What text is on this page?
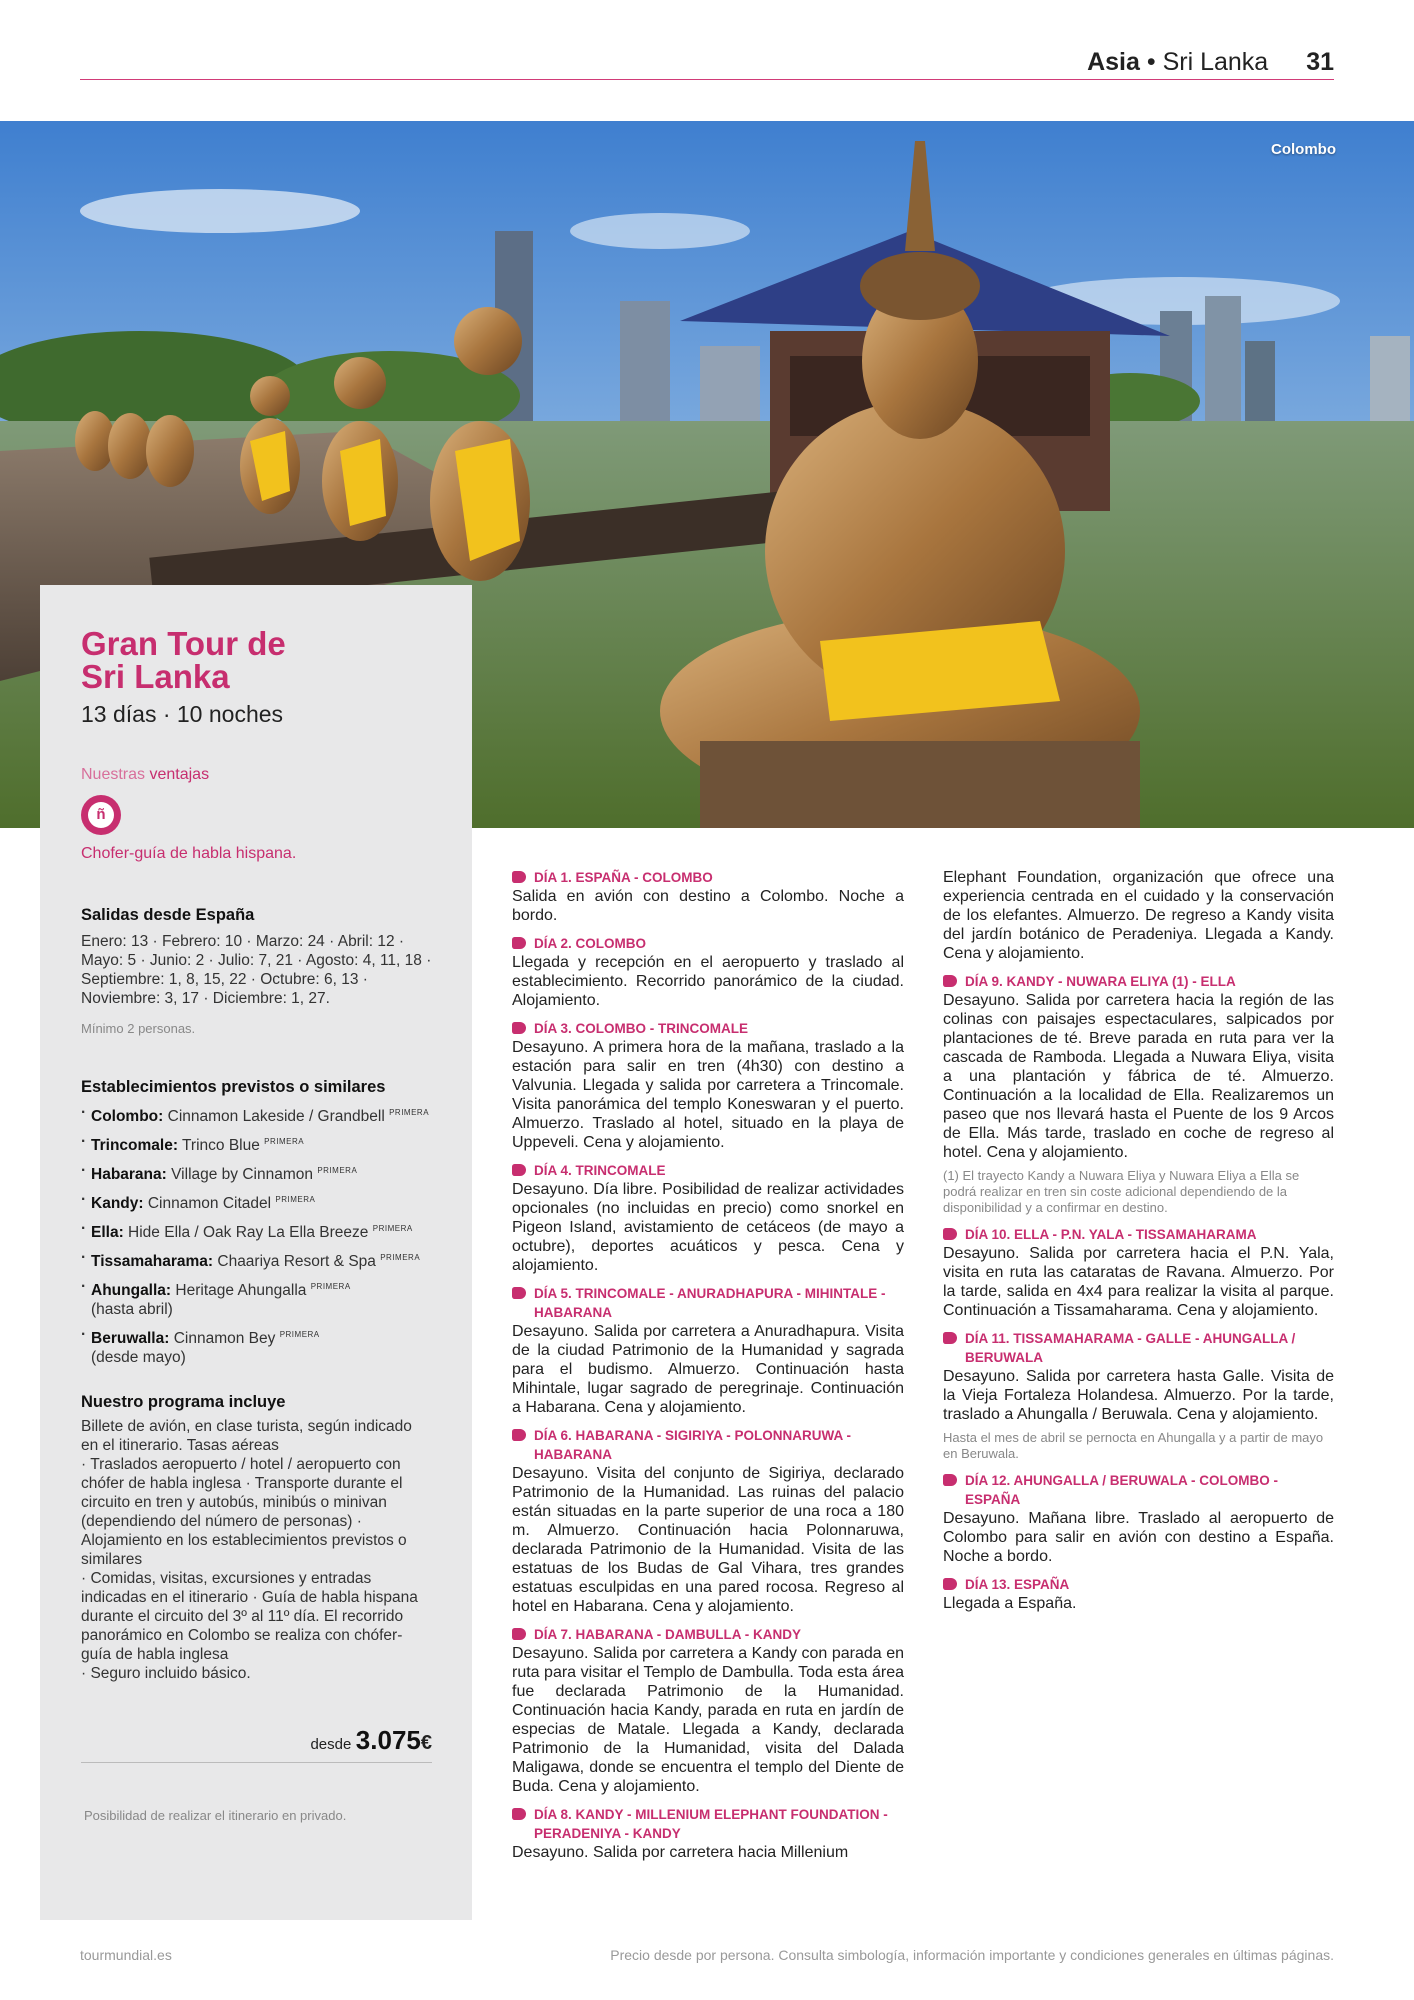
Asia • Sri Lanka 31
Colombo
Gran Tour de Sri Lanka
13 días · 10 noches
Nuestras ventajas
ñ
Chofer-guía de habla hispana.
Salidas desde España
Enero: 13 · Febrero: 10 · Marzo: 24 · Abril: 12 · Mayo: 5 · Junio: 2 · Julio: 7, 21 · Agosto: 4, 11, 18 · Septiembre: 1, 8, 15, 22 · Octubre: 6, 13 · Noviembre: 3, 17 · Diciembre: 1, 27.
Mínimo 2 personas.
Establecimientos previstos o similares
· Colombo: Cinnamon Lakeside / Grandbell $^{PRIMERA}$
· Trincomale: Trinco Blue $^{PRIMERA}$
· Habarana: Village by Cinnamon $^{PRIMERA}$
· Kandy: Cinnamon Citadel $^{PRIMERA}$
· Ella: Hide Ella / Oak Ray La Ella Breeze $^{PRIMERA}$
· Tissamaharama: Chaariya Resort & Spa $^{PRIMERA}$
· Ahungalla: Heritage Ahungalla $^{PRIMERA}$
(hasta abril)
· Beruwalla: Cinnamon Bey $^{PRIMERA}$
(desde mayo)
Nuestro programa incluye
Billete de avión, en clase turista, según indicado en el itinerario. Tasas aéreas
· Traslados aeropuerto / hotel / aeropuerto con chófer de habla inglesa · Transporte durante el circuito en tren y autobús, minibús o minivan (dependiendo del número de personas) · Alojamiento en los establecimientos previstos o similares
· Comidas, visitas, excursiones y entradas indicadas en el itinerario · Guía de habla hispana durante el circuito del 3º al 11º día. El recorrido panorámico en Colombo se realiza con chófer-guía de habla inglesa
· Seguro incluido básico.
desde 3.075€
Posibilidad de realizar el itinerario en privado.
DÍA 1. ESPAÑA - COLOMBO
Salida en avión con destino a Colombo. Noche a bordo.
DÍA 2. COLOMBO
Llegada y recepción en el aeropuerto y traslado al establecimiento. Recorrido panorámico de la ciudad. Alojamiento.
DÍA 3. COLOMBO - TRINCOMALE
Desayuno. A primera hora de la mañana, traslado a la estación para salir en tren (4h30) con destino a Valvunia. Llegada y salida por carretera a Trincomale. Visita panorámica del templo Koneswaran y el puerto. Almuerzo. Traslado al hotel, situado en la playa de Uppeveli. Cena y alojamiento.
DÍA 4. TRINCOMALE
Desayuno. Día libre. Posibilidad de realizar actividades opcionales (no incluidas en precio) como snorkel en Pigeon Island, avistamiento de cetáceos (de mayo a octubre), deportes acuáticos y pesca. Cena y alojamiento.
DÍA 5. TRINCOMALE - ANURADHAPURA - MIHINTALE - HABARANA
Desayuno. Salida por carretera a Anuradhapura. Visita de la ciudad Patrimonio de la Humanidad y sagrada para el budismo. Almuerzo. Continuación hasta Mihintale, lugar sagrado de peregrinaje. Continuación a Habarana. Cena y alojamiento.
DÍA 6. HABARANA - SIGIRIYA - POLONNARUWA - HABARANA
Desayuno. Visita del conjunto de Sigiriya, declarado Patrimonio de la Humanidad. Las ruinas del palacio están situadas en la parte superior de una roca a 180 m. Almuerzo. Continuación hacia Polonnaruwa, declarada Patrimonio de la Humanidad. Visita de las estatuas de los Budas de Gal Vihara, tres grandes estatuas esculpidas en una pared rocosa. Regreso al hotel en Habarana. Cena y alojamiento.
DÍA 7. HABARANA - DAMBULLA - KANDY
Desayuno. Salida por carretera a Kandy con parada en ruta para visitar el Templo de Dambulla. Toda esta área fue declarada Patrimonio de la Humanidad. Continuación hacia Kandy, parada en ruta en jardín de especias de Matale. Llegada a Kandy, declarada Patrimonio de la Humanidad, visita del Dalada Maligawa, donde se encuentra el templo del Diente de Buda. Cena y alojamiento.
DÍA 8. KANDY - MILLENIUM ELEPHANT FOUNDATION - PERADENIYA - KANDY
Desayuno. Salida por carretera hacia Millenium
Elephant Foundation, organización que ofrece una experiencia centrada en el cuidado y la conservación de los elefantes. Almuerzo. De regreso a Kandy visita del jardín botánico de Peradeniya. Llegada a Kandy. Cena y alojamiento.
DÍA 9. KANDY - NUWARA ELIYA (1) - ELLA
Desayuno. Salida por carretera hacia la región de las colinas con paisajes espectaculares, salpicados por plantaciones de té. Breve parada en ruta para ver la cascada de Ramboda. Llegada a Nuwara Eliya, visita a una plantación y fábrica de té. Almuerzo. Continuación a la localidad de Ella. Realizaremos un paseo que nos llevará hasta el Puente de los 9 Arcos de Ella. Más tarde, traslado en coche de regreso al hotel. Cena y alojamiento.
(1) El trayecto Kandy a Nuwara Eliya y Nuwara Eliya a Ella se podrá realizar en tren sin coste adicional dependiendo de la disponibilidad y a confirmar en destino.
DÍA 10. ELLA - P.N. YALA - TISSAMAHARAMA
Desayuno. Salida por carretera hacia el P.N. Yala, visita en ruta las cataratas de Ravana. Almuerzo. Por la tarde, salida en 4x4 para realizar la visita al parque. Continuación a Tissamaharama. Cena y alojamiento.
DÍA 11. TISSAMAHARAMA - GALLE - AHUNGALLA / BERUWALA
Desayuno. Salida por carretera hasta Galle. Visita de la Vieja Fortaleza Holandesa. Almuerzo. Por la tarde, traslado a Ahungalla / Beruwala. Cena y alojamiento.
Hasta el mes de abril se pernocta en Ahungalla y a partir de mayo en Beruwala.
DÍA 12. AHUNGALLA / BERUWALA - COLOMBO - ESPAÑA
Desayuno. Mañana libre. Traslado al aeropuerto de Colombo para salir en avión con destino a España. Noche a bordo.
DÍA 13. ESPAÑA
Llegada a España.
tourmundial.es	Precio desde por persona. Consulta simbología, información importante y condiciones generales en últimas páginas.
